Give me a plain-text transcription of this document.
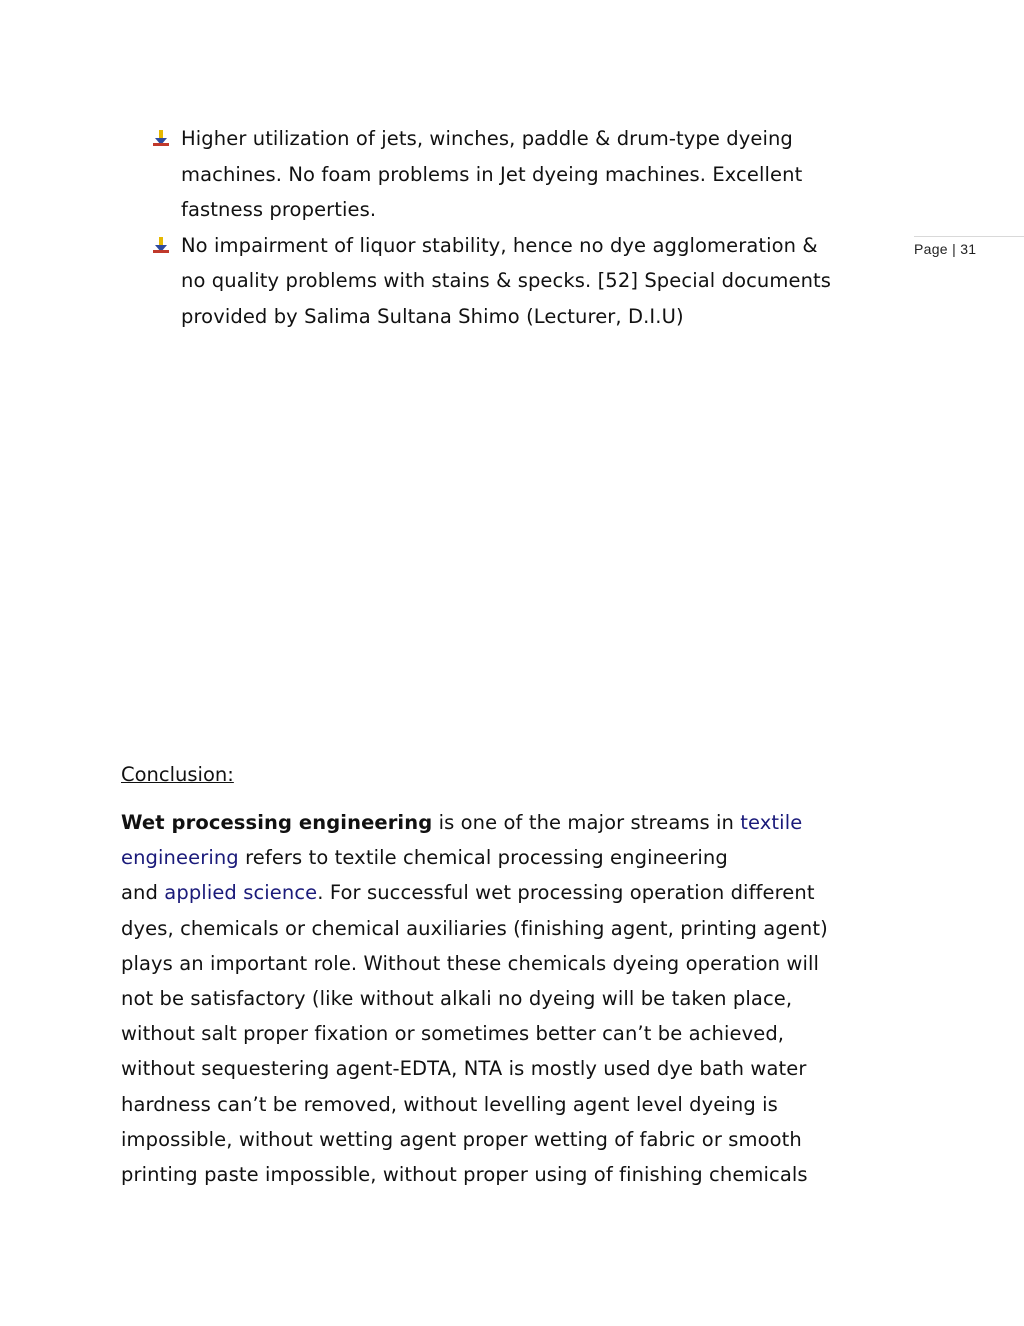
Page | 31
Higher utilization of jets, winches, paddle & drum-type dyeing
machines. No foam problems in Jet dyeing machines. Excellent
fastness properties.
No impairment of liquor stability, hence no dye agglomeration &
no quality problems with stains & specks. [52] Special documents
provided by Salima Sultana Shimo (Lecturer, D.I.U)
Conclusion:
Wet processing engineering is one of the major streams in textile
engineering refers to textile chemical processing engineering
and applied science. For successful wet processing operation different
dyes, chemicals or chemical auxiliaries (finishing agent, printing agent)
plays an important role. Without these chemicals dyeing operation will
not be satisfactory (like without alkali no dyeing will be taken place,
without salt proper fixation or sometimes better can’t be achieved,
without sequestering agent-EDTA, NTA is mostly used dye bath water
hardness can’t be removed, without levelling agent level dyeing is
impossible, without wetting agent proper wetting of fabric or smooth
printing paste impossible, without proper using of finishing chemicals
